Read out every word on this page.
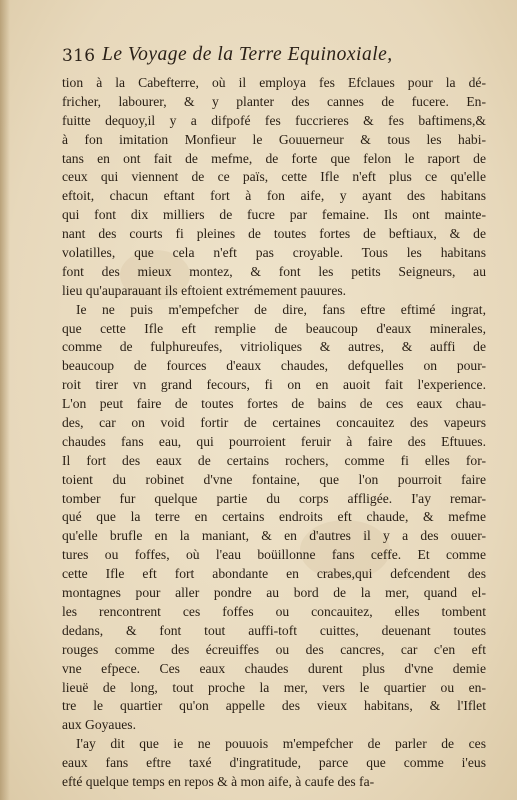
316 Le Voyage de la Terre Equinoxiale,
tion à la Cabefterre, où il employa fes Efclaues pour la dé-
fricher, labourer, & y planter des cannes de fucere. En-
fuitte dequoy,il y a difpofé fes fuccrieres & fes baftimens,&
à fon imitation Monfieur le Gouuerneur & tous les habi-
tans en ont fait de mefme, de forte que felon le raport de
ceux qui viennent de ce païs, cette Ifle n'eft plus ce qu'elle
eftoit, chacun eftant fort à fon aife, y ayant des habitans
qui font dix milliers de fucre par femaine. Ils ont mainte-
nant des courts fi pleines de toutes fortes de beftiaux, & de
volatilles, que cela n'eft pas croyable. Tous les habitans
font des mieux montez, & font les petits Seigneurs, au
lieu qu'auparauant ils eftoient extrémement pauures.
Ie ne puis m'empefcher de dire, fans eftre eftimé ingrat,
que cette Ifle eft remplie de beaucoup d'eaux minerales,
comme de fulphureufes, vitrioliques & autres, & auffi de
beaucoup de fources d'eaux chaudes, defquelles on pour-
roit tirer vn grand fecours, fi on en auoit fait l'experience.
L'on peut faire de toutes fortes de bains de ces eaux chau-
des, car on void fortir de certaines concauitez des vapeurs
chaudes fans eau, qui pourroient feruir à faire des Eftuues.
Il fort des eaux de certains rochers, comme fi elles for-
toient du robinet d'vne fontaine, que l'on pourroit faire
tomber fur quelque partie du corps affligée. I'ay remar-
qué que la terre en certains endroits eft chaude, & mefme
qu'elle brufle en la maniant, & en d'autres il y a des ouuer-
tures ou foffes, où l'eau boüillonne fans ceffe. Et comme
cette Ifle eft fort abondante en crabes,qui defcendent des
montagnes pour aller pondre au bord de la mer, quand el-
les rencontrent ces foffes ou concauitez, elles tombent
dedans, & font tout auffi-toft cuittes, deuenant toutes
rouges comme des écreuiffes ou des cancres, car c'en eft
vne efpece. Ces eaux chaudes durent plus d'vne demie
lieuë de long, tout proche la mer, vers le quartier ou en-
tre le quartier qu'on appelle des vieux habitans, & l'Iflet
aux Goyaues.
I'ay dit que ie ne pouuois m'empefcher de parler de ces
eaux fans eftre taxé d'ingratitude, parce que comme i'eus
efté quelque temps en repos & à mon aife, à caufe des fa-
